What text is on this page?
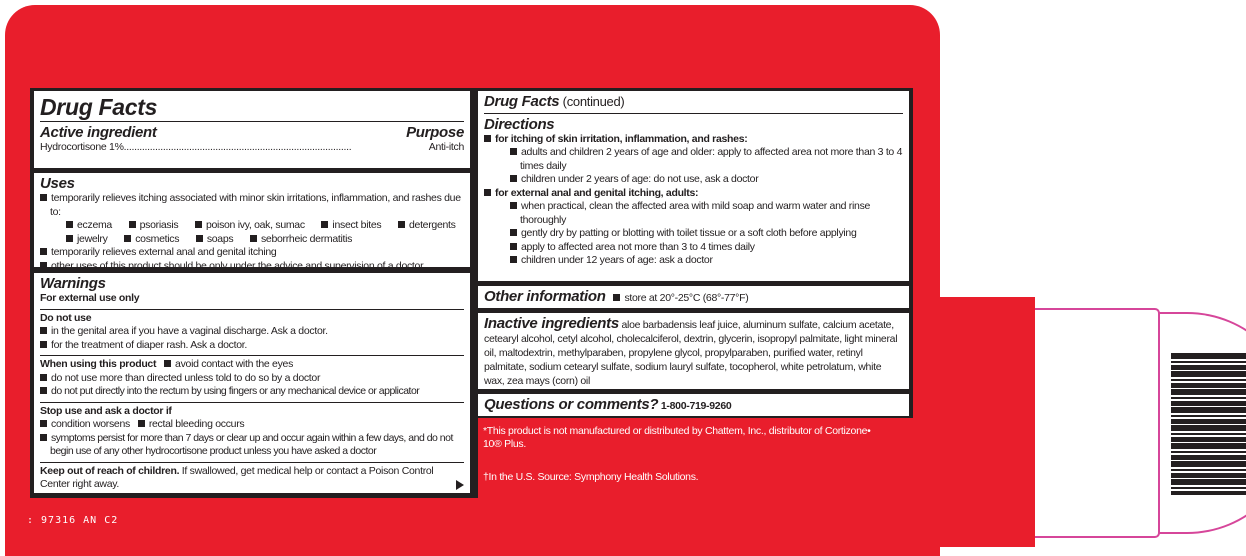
Drug Facts
Active ingredient	Purpose
Hydrocortisone 1%.......................................................................................	Anti-itch
Uses
temporarily relieves itching associated with minor skin irritations, inflammation, and rashes due to:
eczema	psoriasis	poison ivy, oak, sumac	insect bites	detergents
jewelry	cosmetics	soaps	seborrheic dermatitis
temporarily relieves external anal and genital itching
other uses of this product should be only under the advice and supervision of a doctor
Warnings
For external use only
Do not use
in the genital area if you have a vaginal discharge. Ask a doctor.
for the treatment of diaper rash. Ask a doctor.
When using this product avoid contact with the eyes
do not use more than directed unless told to do so by a doctor
do not put directly into the rectum by using fingers or any mechanical device or applicator
Stop use and ask a doctor if
condition worsens rectal bleeding occurs
symptoms persist for more than 7 days or clear up and occur again within a few days, and do not begin use of any other hydrocortisone product unless you have asked a doctor
Keep out of reach of children. If swallowed, get medical help or contact a Poison Control Center right away.
Drug Facts (continued)
Directions
for itching of skin irritation, inflammation, and rashes:
adults and children 2 years of age and older: apply to affected area not more than 3 to 4 times daily
children under 2 years of age: do not use, ask a doctor
for external anal and genital itching, adults:
when practical, clean the affected area with mild soap and warm water and rinse thoroughly
gently dry by patting or blotting with toilet tissue or a soft cloth before applying
apply to affected area not more than 3 to 4 times daily
children under 12 years of age: ask a doctor
Other information store at 20°-25°C (68°-77°F)
Inactive ingredients aloe barbadensis leaf juice, aluminum sulfate, calcium acetate, cetearyl alcohol, cetyl alcohol, cholecalciferol, dextrin, glycerin, isopropyl palmitate, light mineral oil, maltodextrin, methylparaben, propylene glycol, propylparaben, purified water, retinyl palmitate, sodium cetearyl sulfate, sodium lauryl sulfate, tocopherol, white petrolatum, white wax, zea mays (corn) oil
Questions or comments? 1-800-719-9260
*This product is not manufactured or distributed by Chattem, Inc., distributor of Cortizone• 10® Plus.
†In the U.S. Source: Symphony Health Solutions.
: 97316 AN C2
